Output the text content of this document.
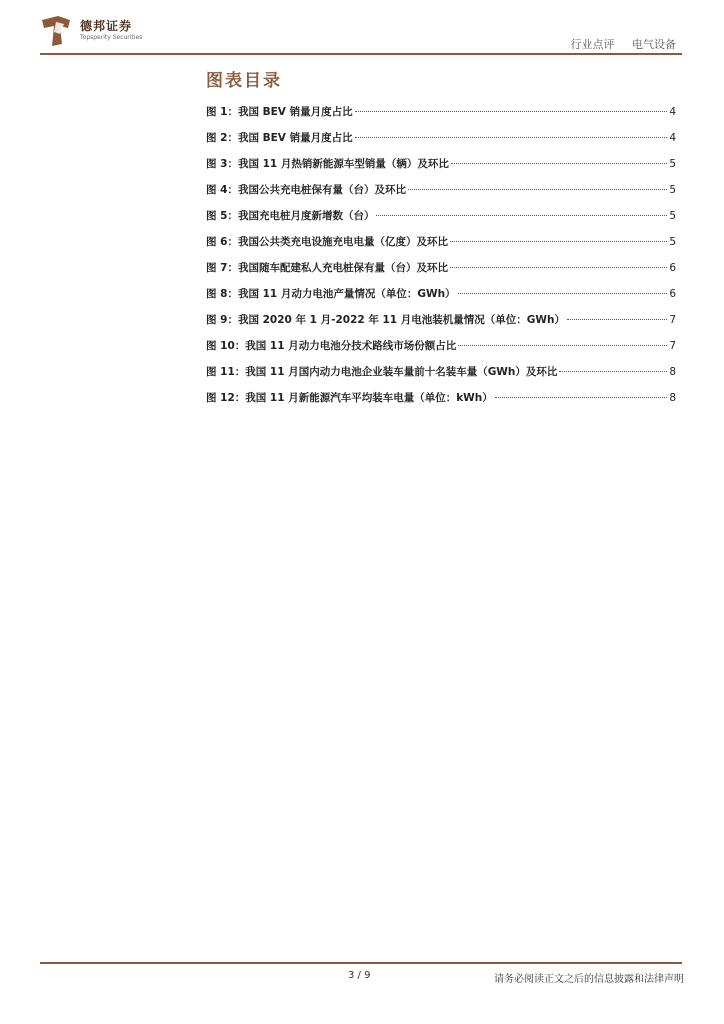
德邦证券
Topsperity Securities
行业点评 电气设备
图表目录
图 1：我国 BEV 销量月度占比	4
图 2：我国 BEV 销量月度占比	4
图 3：我国 11 月热销新能源车型销量（辆）及环比	5
图 4：我国公共充电桩保有量（台）及环比	5
图 5：我国充电桩月度新增数（台）	5
图 6：我国公共类充电设施充电电量（亿度）及环比	5
图 7：我国随车配建私人充电桩保有量（台）及环比	6
图 8：我国 11 月动力电池产量情况（单位：GWh）	6
图 9：我国 2020 年 1 月-2022 年 11 月电池装机量情况（单位：GWh）	7
图 10：我国 11 月动力电池分技术路线市场份额占比	7
图 11：我国 11 月国内动力电池企业装车量前十名装车量（GWh）及环比	8
图 12：我国 11 月新能源汽车平均装车电量（单位：kWh）	8
3 / 9	请务必阅读正文之后的信息披露和法律声明
